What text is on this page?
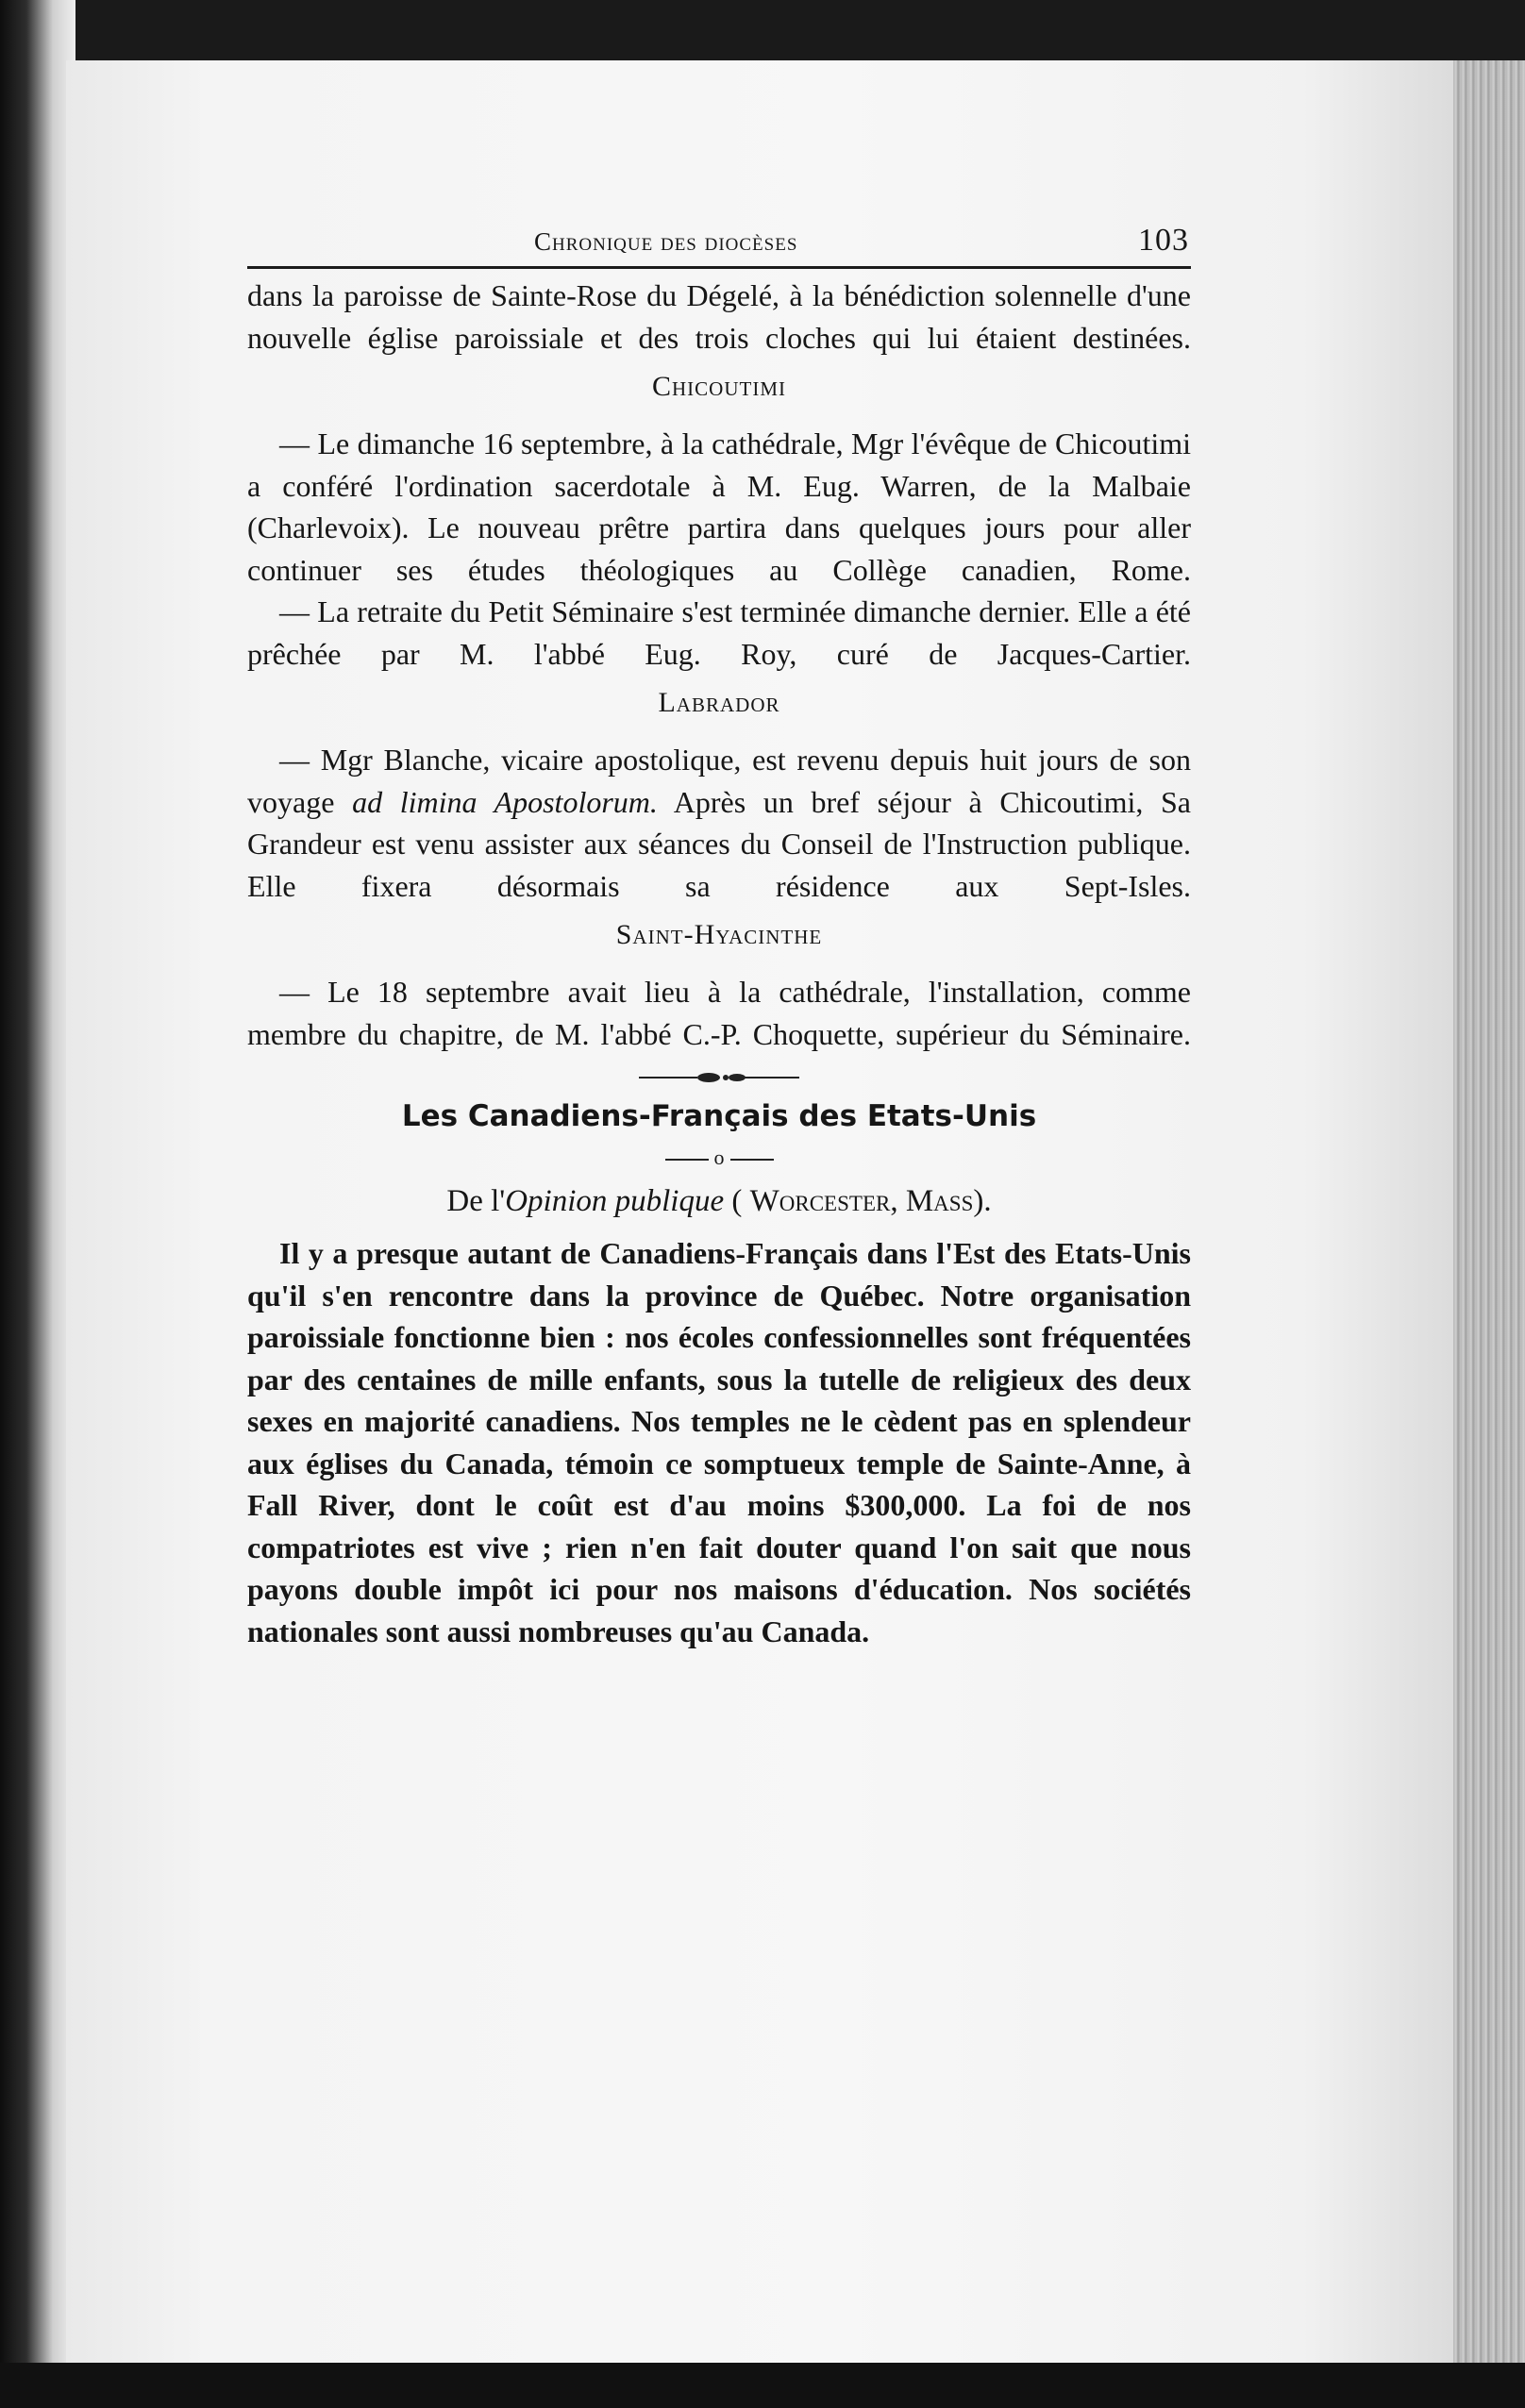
Chronique des diocèses	103

dans la paroisse de Sainte-Rose du Dégelé, à la bénédiction solennelle d'une nouvelle église paroissiale et des trois cloches qui lui étaient destinées.

Chicoutimi

— Le dimanche 16 septembre, à la cathédrale, Mgr l'évêque de Chicoutimi a conféré l'ordination sacerdotale à M. Eug. Warren, de la Malbaie (Charlevoix). Le nouveau prêtre partira dans quelques jours pour aller continuer ses études théologiques au Collège canadien, Rome.

— La retraite du Petit Séminaire s'est terminée dimanche dernier. Elle a été prêchée par M. l'abbé Eug. Roy, curé de Jacques-Cartier.

Labrador

— Mgr Blanche, vicaire apostolique, est revenu depuis huit jours de son voyage ad limina Apostolorum. Après un bref séjour à Chicoutimi, Sa Grandeur est venu assister aux séances du Conseil de l'Instruction publique. Elle fixera désormais sa résidence aux Sept-Isles.

Saint-Hyacinthe

— Le 18 septembre avait lieu à la cathédrale, l'installation, comme membre du chapitre, de M. l'abbé C.-P. Choquette, supérieur du Séminaire.

Les Canadiens-Français des Etats-Unis
o
De l'Opinion publique ( Worcester, Mass).

Il y a presque autant de Canadiens-Français dans l'Est des Etats-Unis qu'il s'en rencontre dans la province de Québec. Notre organisation paroissiale fonctionne bien : nos écoles confessionnelles sont fréquentées par des centaines de mille enfants, sous la tutelle de religieux des deux sexes en majorité canadiens. Nos temples ne le cèdent pas en splendeur aux églises du Canada, témoin ce somptueux temple de Sainte-Anne, à Fall River, dont le coût est d'au moins $300,000. La foi de nos compatriotes est vive ; rien n'en fait douter quand l'on sait que nous payons double impôt ici pour nos maisons d'éducation. Nos sociétés nationales sont aussi nombreuses qu'au Canada.
